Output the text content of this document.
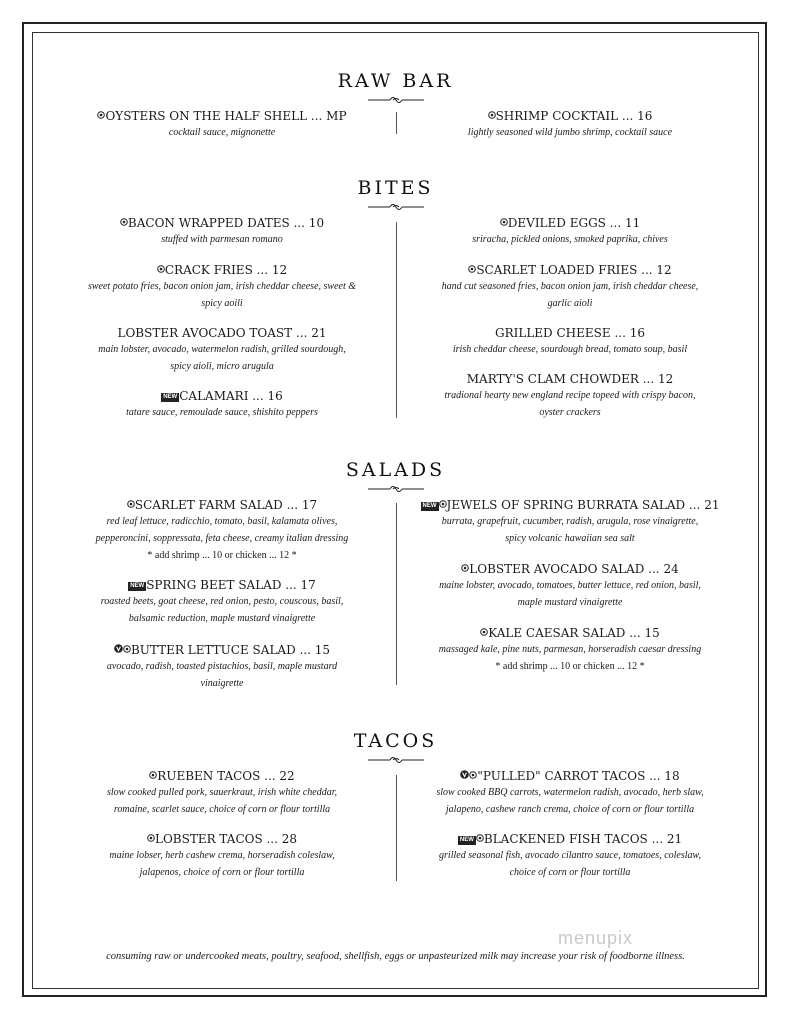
RAW BAR
OYSTERS ON THE HALF SHELL ... MP
cocktail sauce, mignonette
SHRIMP COCKTAIL ... 16
lightly seasoned wild jumbo shrimp, cocktail sauce
BITES
BACON WRAPPED DATES ... 10
stuffed with parmesan romano
CRACK FRIES ... 12
sweet potato fries, bacon onion jam, irish cheddar cheese, sweet &
spicy aoili
LOBSTER AVOCADO TOAST ... 21
main lobster, avocado, watermelon radish, grilled sourdough,
spicy aioli, micro arugula
NEW CALAMARI ... 16
tatare sauce, remoulade sauce, shishito peppers
DEVILED EGGS ... 11
sriracha, pickled onions, smoked paprika, chives
SCARLET LOADED FRIES ... 12
hand cut seasoned fries, bacon onion jam, irish cheddar cheese,
garlic aioli
GRILLED CHEESE ... 16
irish cheddar cheese, sourdough bread, tomato soup, basil
MARTY'S CLAM CHOWDER ... 12
tradional hearty new england recipe topeed with crispy bacon,
oyster crackers
SALADS
SCARLET FARM SALAD ... 17
red leaf lettuce, radicchio, tomato, basil, kalamata olives,
pepperoncini, soppressata, feta cheese, creamy italian dressing
* add shrimp ... 10 or chicken ... 12 *
NEW SPRING BEET SALAD ... 17
roasted beets, goat cheese, red onion, pesto, couscous, basil,
balsamic reduction, maple mustard vinaigrette
BUTTER LETTUCE SALAD ... 15
avocado, radish, toasted pistachios, basil, maple mustard
vinaigrette
NEW JEWELS OF SPRING BURRATA SALAD ... 21
burrata, grapefruit, cucumber, radish, arugula, rose vinaigrette,
spicy volcanic hawaiian sea salt
LOBSTER AVOCADO SALAD ... 24
maine lobster, avocado, tomatoes, butter lettuce, red onion, basil,
maple mustard vinaigrette
KALE CAESAR SALAD ... 15
massaged kale, pine nuts, parmesan, horseradish caesar dressing
* add shrimp ... 10 or chicken ... 12 *
TACOS
RUEBEN TACOS ... 22
slow cooked pulled pork, sauerkraut, irish white cheddar,
romaine, scarlet sauce, choice of corn or flour tortilla
LOBSTER TACOS ... 28
maine lobser, herb cashew crema, horseradish coleslaw,
jalapenos, choice of corn or flour tortilla
"PULLED" CARROT TACOS ... 18
slow cooked BBQ carrots, watermelon radish, avocado, herb slaw,
jalapeno, cashew ranch crema, choice of corn or flour tortilla
NEW BLACKENED FISH TACOS ... 21
grilled seasonal fish, avocado cilantro sauce, tomatoes, coleslaw,
choice of corn or flour tortilla
menupix
consuming raw or undercooked meats, poultry, seafood, shellfish, eggs or unpasteurized milk may increase your risk of foodborne illness.
